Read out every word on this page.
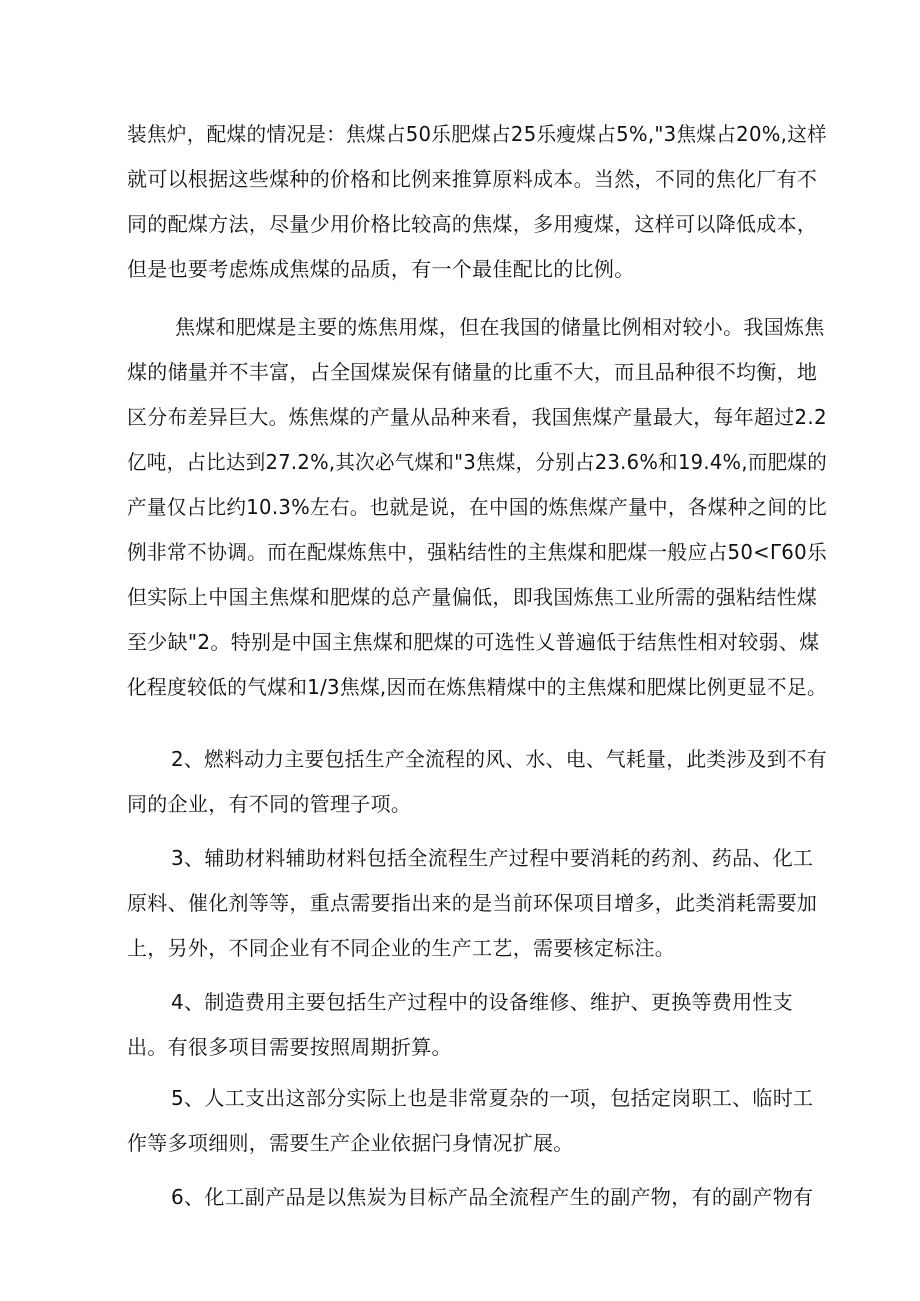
装焦炉，配煤的情况是：焦煤占50乐肥煤占25乐瘦煤占5%,"3焦煤占20%,这样
就可以根据这些煤种的价格和比例来推算原料成本。当然，不同的焦化厂有不
同的配煤方法，尽量少用价格比较高的焦煤，多用瘦煤，这样可以降低成本，
但是也要考虑炼成焦煤的品质，有一个最佳配比的比例。
焦煤和肥煤是主要的炼焦用煤，但在我国的储量比例相对较小。我国炼焦
煤的储量并不丰富，占全国煤炭保有储量的比重不大，而且品种很不均衡，地
区分布差异巨大。炼焦煤的产量从品种来看，我国焦煤产量最大，每年超过2.2
亿吨，占比达到27.2%,其次必气煤和"3焦煤，分别占23.6%和19.4%,而肥煤的
产量仅占比约10.3%左右。也就是说，在中国的炼焦煤产量中，各煤种之间的比
例非常不协调。而在配煤炼焦中，强粘结性的主焦煤和肥煤一般应占50<Γ60乐
但实际上中国主焦煤和肥煤的总产量偏低，即我国炼焦工业所需的强粘结性煤
至少缺"2。特别是中国主焦煤和肥煤的可选性乂普遍低于结焦性相对较弱、煤
化程度较低的气煤和1/3焦煤,因而在炼焦精煤中的主焦煤和肥煤比例更显不足。
2、燃料动力主要包括生产全流程的风、水、电、气耗量，此类涉及到不有
同的企业，有不同的管理子项。
3、辅助材料辅助材料包括全流程生产过程中要消耗的药剂、药品、化工
原料、催化剂等等，重点需要指出来的是当前环保项目增多，此类消耗需要加
上，另外，不同企业有不同企业的生产工艺，需要核定标注。
4、制造费用主要包括生产过程中的设备维修、维护、更换等费用性支
出。有很多项目需要按照周期折算。
5、人工支出这部分实际上也是非常夏杂的一项，包括定岗职工、临时工
作等多项细则，需要生产企业依据闩身情况扩展。
6、化工副产品是以焦炭为目标产品全流程产生的副产物，有的副产物有
